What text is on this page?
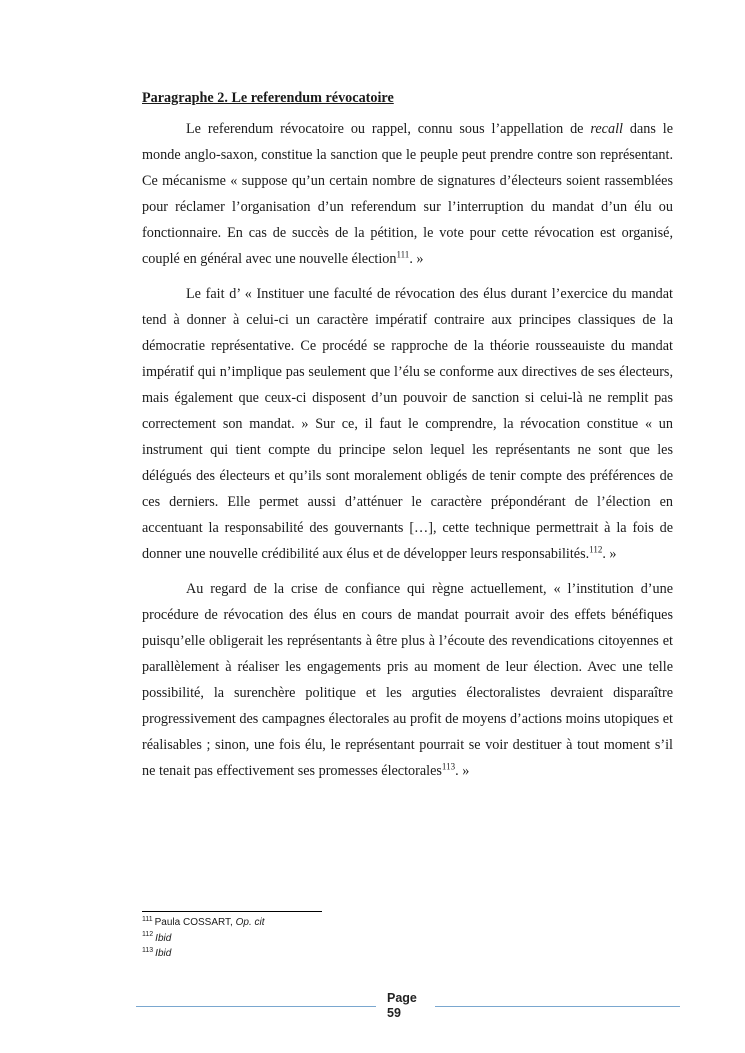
Paragraphe 2. Le referendum révocatoire

Le referendum révocatoire ou rappel, connu sous l’appellation de recall dans le monde anglo-saxon, constitue la sanction que le peuple peut prendre contre son représentant. Ce mécanisme « suppose qu’un certain nombre de signatures d’électeurs soient rassemblées pour réclamer l’organisation d’un referendum sur l’interruption du mandat d’un élu ou fonctionnaire. En cas de succès de la pétition, le vote pour cette révocation est organisé, couplé en général avec une nouvelle élection$^{111}$. »

Le fait d’ « Instituer une faculté de révocation des élus durant l’exercice du mandat tend à donner à celui-ci un caractère impératif contraire aux principes classiques de la démocratie représentative. Ce procédé se rapproche de la théorie rousseauiste du mandat impératif qui n’implique pas seulement que l’élu se conforme aux directives de ses électeurs, mais également que ceux-ci disposent d’un pouvoir de sanction si celui-là ne remplit pas correctement son mandat. » Sur ce, il faut le comprendre, la révocation constitue « un instrument qui tient compte du principe selon lequel les représentants ne sont que les délégués des électeurs et qu’ils sont moralement obligés de tenir compte des préférences de ces derniers. Elle permet aussi d’atténuer le caractère prépondérant de l’élection en accentuant la responsabilité des gouvernants […], cette technique permettrait à la fois de donner une nouvelle crédibilité aux élus et de développer leurs responsabilités.$^{112}$. »

Au regard de la crise de confiance qui règne actuellement, « l’institution d’une procédure de révocation des élus en cours de mandat pourrait avoir des effets bénéfiques puisqu’elle obligerait les représentants à être plus à l’écoute des revendications citoyennes et parallèlement à réaliser les engagements pris au moment de leur élection. Avec une telle possibilité, la surenchère politique et les arguties électoralistes devraient disparaître progressivement des campagnes électorales au profit de moyens d’actions moins utopiques et réalisables ; sinon, une fois élu, le représentant pourrait se voir destituer à tout moment s’il ne tenait pas effectivement ses promesses électorales$^{113}$. »

$^{111}$ Paula COSSART, Op. cit
$^{112}$ Ibid
$^{113}$ Ibid
Page
59
